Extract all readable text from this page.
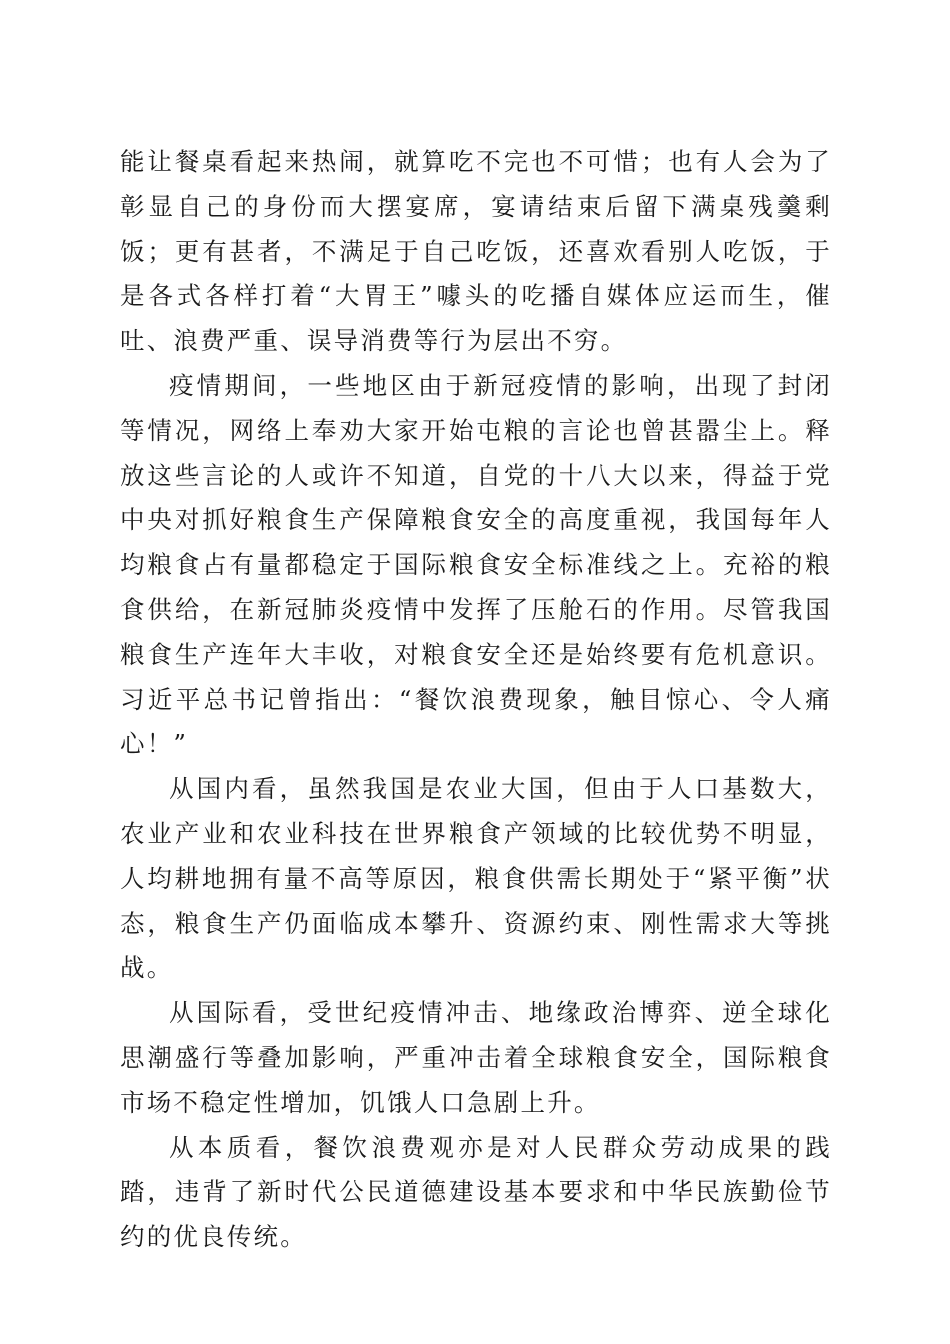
能让餐桌看起来热闹，就算吃不完也不可惜；也有人会为了彰显自己的身份而大摆宴席，宴请结束后留下满桌残羹剩饭；更有甚者，不满足于自己吃饭，还喜欢看别人吃饭，于是各式各样打着“大胃王”噱头的吃播自媒体应运而生，催吐、浪费严重、误导消费等行为层出不穷。

疫情期间，一些地区由于新冠疫情的影响，出现了封闭等情况，网络上奉劝大家开始屯粮的言论也曾甚嚣尘上。释放这些言论的人或许不知道，自党的十八大以来，得益于党中央对抓好粮食生产保障粮食安全的高度重视，我国每年人均粮食占有量都稳定于国际粮食安全标准线之上。充裕的粮食供给，在新冠肺炎疫情中发挥了压舱石的作用。尽管我国粮食生产连年大丰收，对粮食安全还是始终要有危机意识。习近平总书记曾指出：“餐饮浪费现象，触目惊心、令人痛心！”

从国内看，虽然我国是农业大国，但由于人口基数大，农业产业和农业科技在世界粮食产领域的比较优势不明显，人均耕地拥有量不高等原因，粮食供需长期处于“紧平衡”状态，粮食生产仍面临成本攀升、资源约束、刚性需求大等挑战。

从国际看，受世纪疫情冲击、地缘政治博弈、逆全球化思潮盛行等叠加影响，严重冲击着全球粮食安全，国际粮食市场不稳定性增加，饥饿人口急剧上升。

从本质看，餐饮浪费观亦是对人民群众劳动成果的践踏，违背了新时代公民道德建设基本要求和中华民族勤俭节约的优良传统。
